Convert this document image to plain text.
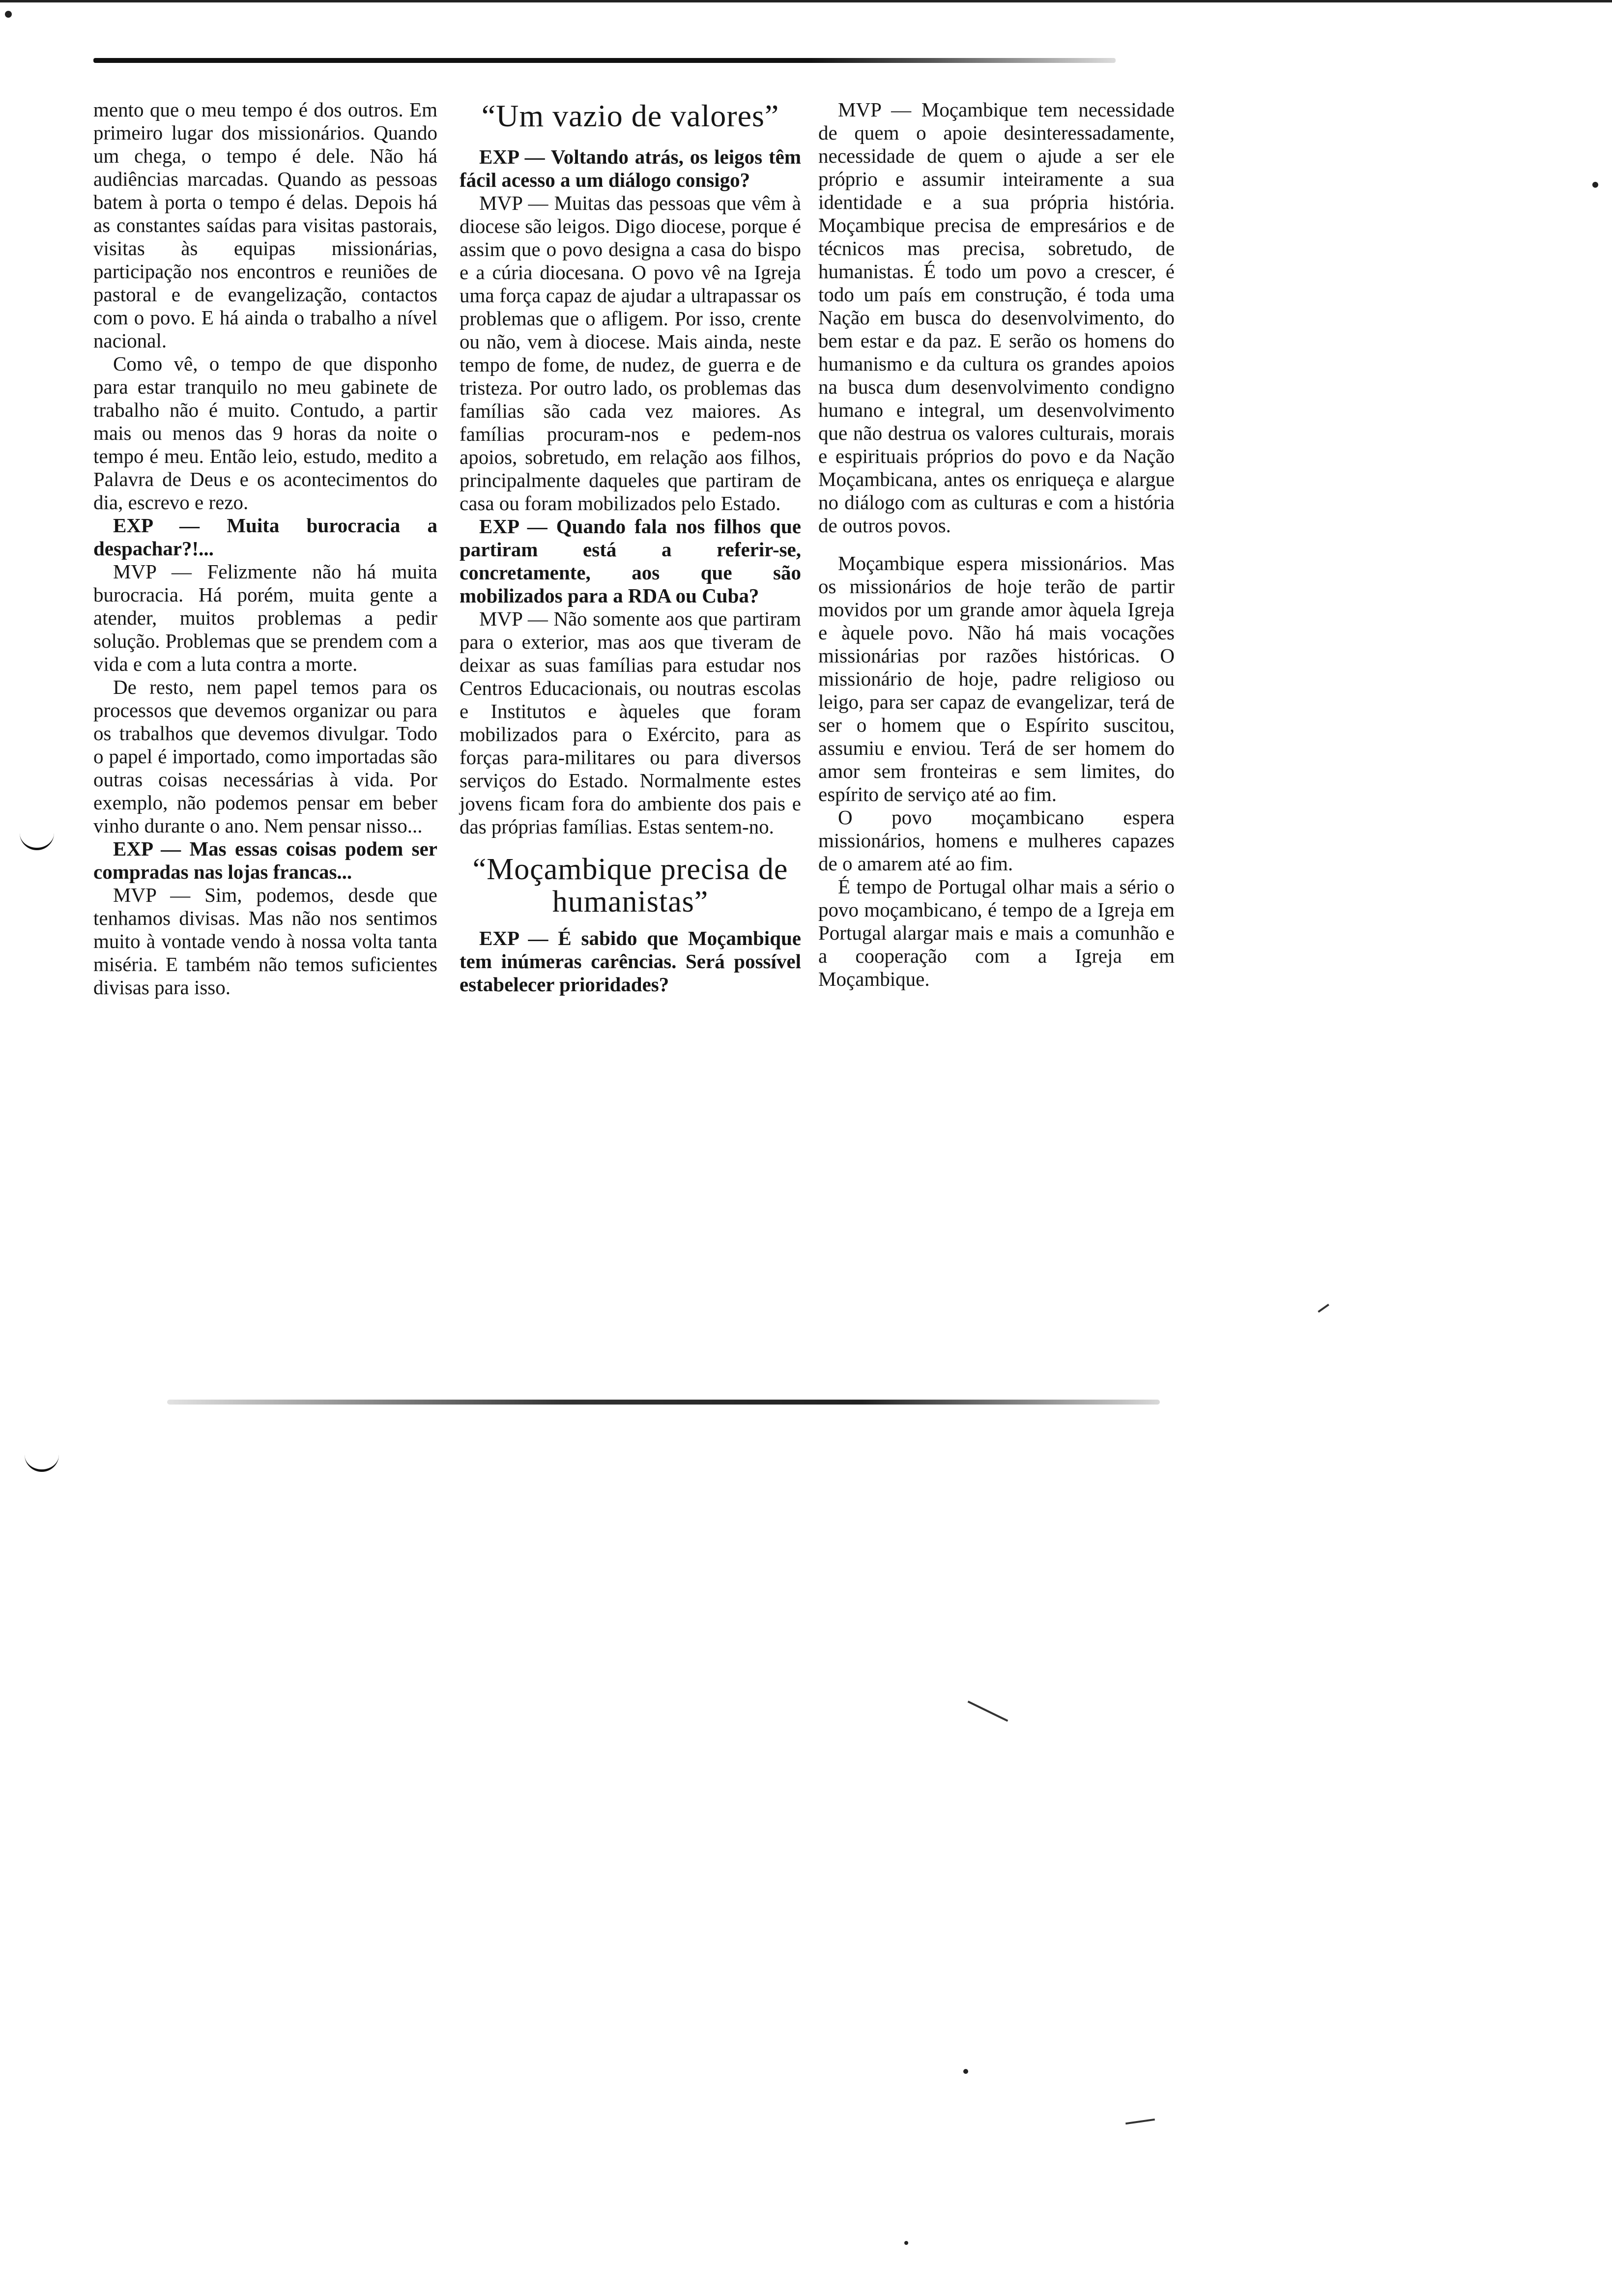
mento que o meu tempo é dos outros. Em primeiro lugar dos missionários. Quando um chega, o tempo é dele. Não há audiências marcadas. Quando as pessoas batem à porta o tempo é delas. Depois há as constantes saídas para visitas pastorais, visitas às equipas missionárias, participação nos encontros e reuniões de pastoral e de evangelização, contactos com o povo. E há ainda o trabalho a nível nacional.

Como vê, o tempo de que disponho para estar tranquilo no meu gabinete de trabalho não é muito. Contudo, a partir mais ou menos das 9 horas da noite o tempo é meu. Então leio, estudo, medito a Palavra de Deus e os acontecimentos do dia, escrevo e rezo.

EXP — Muita burocracia a despachar?!...

MVP — Felizmente não há muita burocracia. Há porém, muita gente a atender, muitos problemas a pedir solução. Problemas que se prendem com a vida e com a luta contra a morte.

De resto, nem papel temos para os processos que devemos organizar ou para os trabalhos que devemos divulgar. Todo o papel é importado, como importadas são outras coisas necessárias à vida. Por exemplo, não podemos pensar em beber vinho durante o ano. Nem pensar nisso...

EXP — Mas essas coisas podem ser compradas nas lojas francas...

MVP — Sim, podemos, desde que tenhamos divisas. Mas não nos sentimos muito à vontade vendo à nossa volta tanta miséria. E também não temos suficientes divisas para isso.

“Um vazio de valores”

EXP — Voltando atrás, os leigos têm fácil acesso a um diálogo consigo?

MVP — Muitas das pessoas que vêm à diocese são leigos. Digo diocese, porque é assim que o povo designa a casa do bispo e a cúria diocesana. O povo vê na Igreja uma força capaz de ajudar a ultrapassar os problemas que o afligem. Por isso, crente ou não, vem à diocese. Mais ainda, neste tempo de fome, de nudez, de guerra e de tristeza. Por outro lado, os problemas das famílias são cada vez maiores. As famílias procuram-nos e pedem-nos apoios, sobretudo, em relação aos filhos, principalmente daqueles que partiram de casa ou foram mobilizados pelo Estado.

EXP — Quando fala nos filhos que partiram está a referir-se, concretamente, aos que são mobilizados para a RDA ou Cuba?

MVP — Não somente aos que partiram para o exterior, mas aos que tiveram de deixar as suas famílias para estudar nos Centros Educacionais, ou noutras escolas e Institutos e àqueles que foram mobilizados para o Exército, para as forças para-militares ou para diversos serviços do Estado. Normalmente estes jovens ficam fora do ambiente dos pais e das próprias famílias. Estas sentem-no.

“Moçambique precisa de humanistas”

EXP — É sabido que Moçambique tem inúmeras carências. Será possível estabelecer prioridades?

MVP — Moçambique tem necessidade de quem o apoie desinteressadamente, necessidade de quem o ajude a ser ele próprio e assumir inteiramente a sua identidade e a sua própria história. Moçambique precisa de empresários e de técnicos mas precisa, sobretudo, de humanistas. É todo um povo a crescer, é todo um país em construção, é toda uma Nação em busca do desenvolvimento, do bem estar e da paz. E serão os homens do humanismo e da cultura os grandes apoios na busca dum desenvolvimento condigno humano e integral, um desenvolvimento que não destrua os valores culturais, morais e espirituais próprios do povo e da Nação Moçambicana, antes os enriqueça e alargue no diálogo com as culturas e com a história de outros povos.

Moçambique espera missionários. Mas os missionários de hoje terão de partir movidos por um grande amor àquela Igreja e àquele povo. Não há mais vocações missionárias por razões históricas. O missionário de hoje, padre religioso ou leigo, para ser capaz de evangelizar, terá de ser o homem que o Espírito suscitou, assumiu e enviou. Terá de ser homem do amor sem fronteiras e sem limites, do espírito de serviço até ao fim.

O povo moçambicano espera missionários, homens e mulheres capazes de o amarem até ao fim.

É tempo de Portugal olhar mais a sério o povo moçambicano, é tempo de a Igreja em Portugal alargar mais e mais a comunhão e a cooperação com a Igreja em Moçambique.
